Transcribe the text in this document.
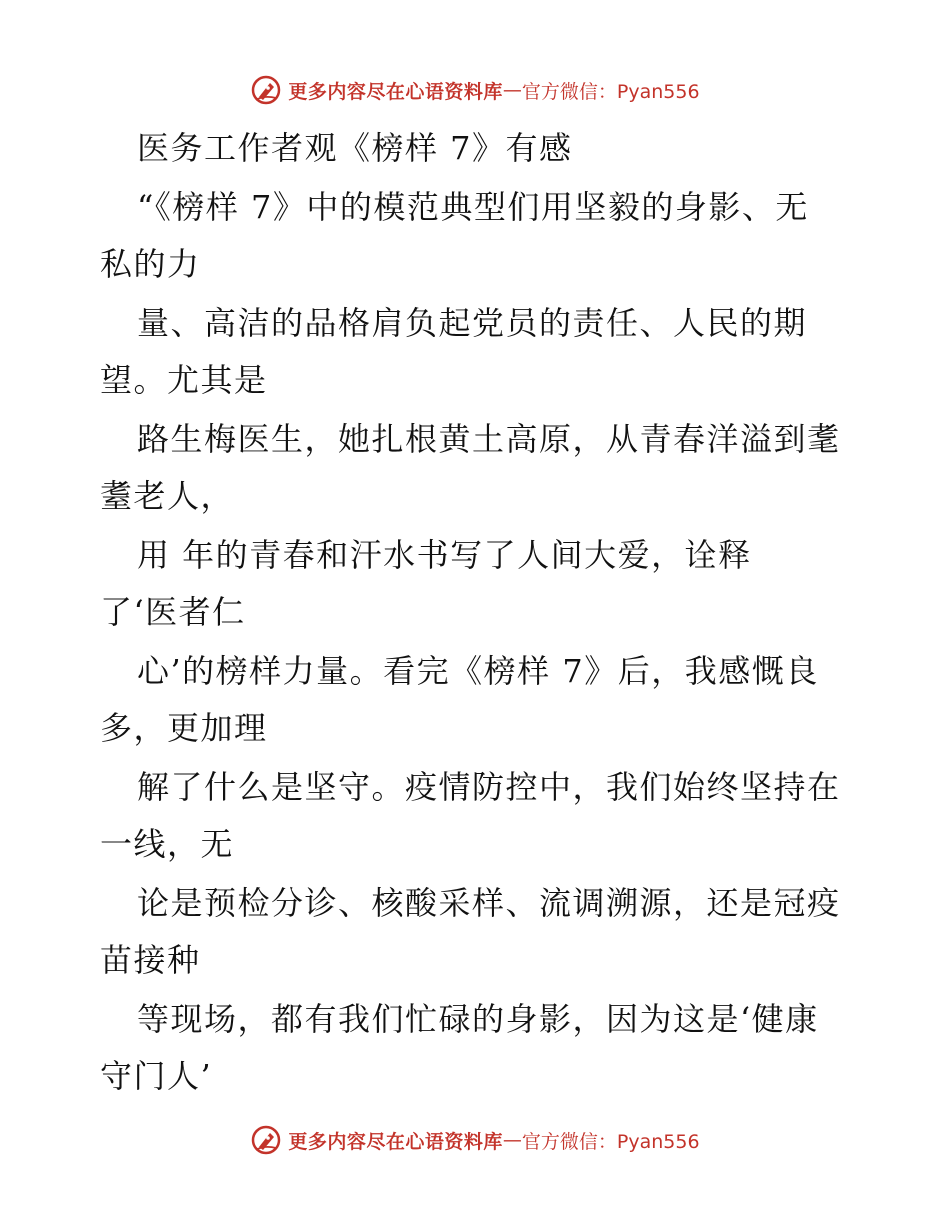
更多内容尽在心语资料库 — 官方微信：Pyan556
医务工作者观《榜样 7》有感
“《榜样 7》中的模范典型们用坚毅的身影、无
私的力
量、高洁的品格肩负起党员的责任、人民的期
望。尤其是
路生梅医生，她扎根黄土高原，从青春洋溢到耄
耋老人，
用 年的青春和汗水书写了人间大爱，诠释
了‘医者仁
心’的榜样力量。看完《榜样 7》后，我感慨良
多，更加理
解了什么是坚守。疫情防控中，我们始终坚持在
一线，无
论是预检分诊、核酸采样、流调溯源，还是冠疫
苗接种
等现场，都有我们忙碌的身影，因为这是‘健康
守门人’
更多内容尽在心语资料库 — 官方微信：Pyan556
